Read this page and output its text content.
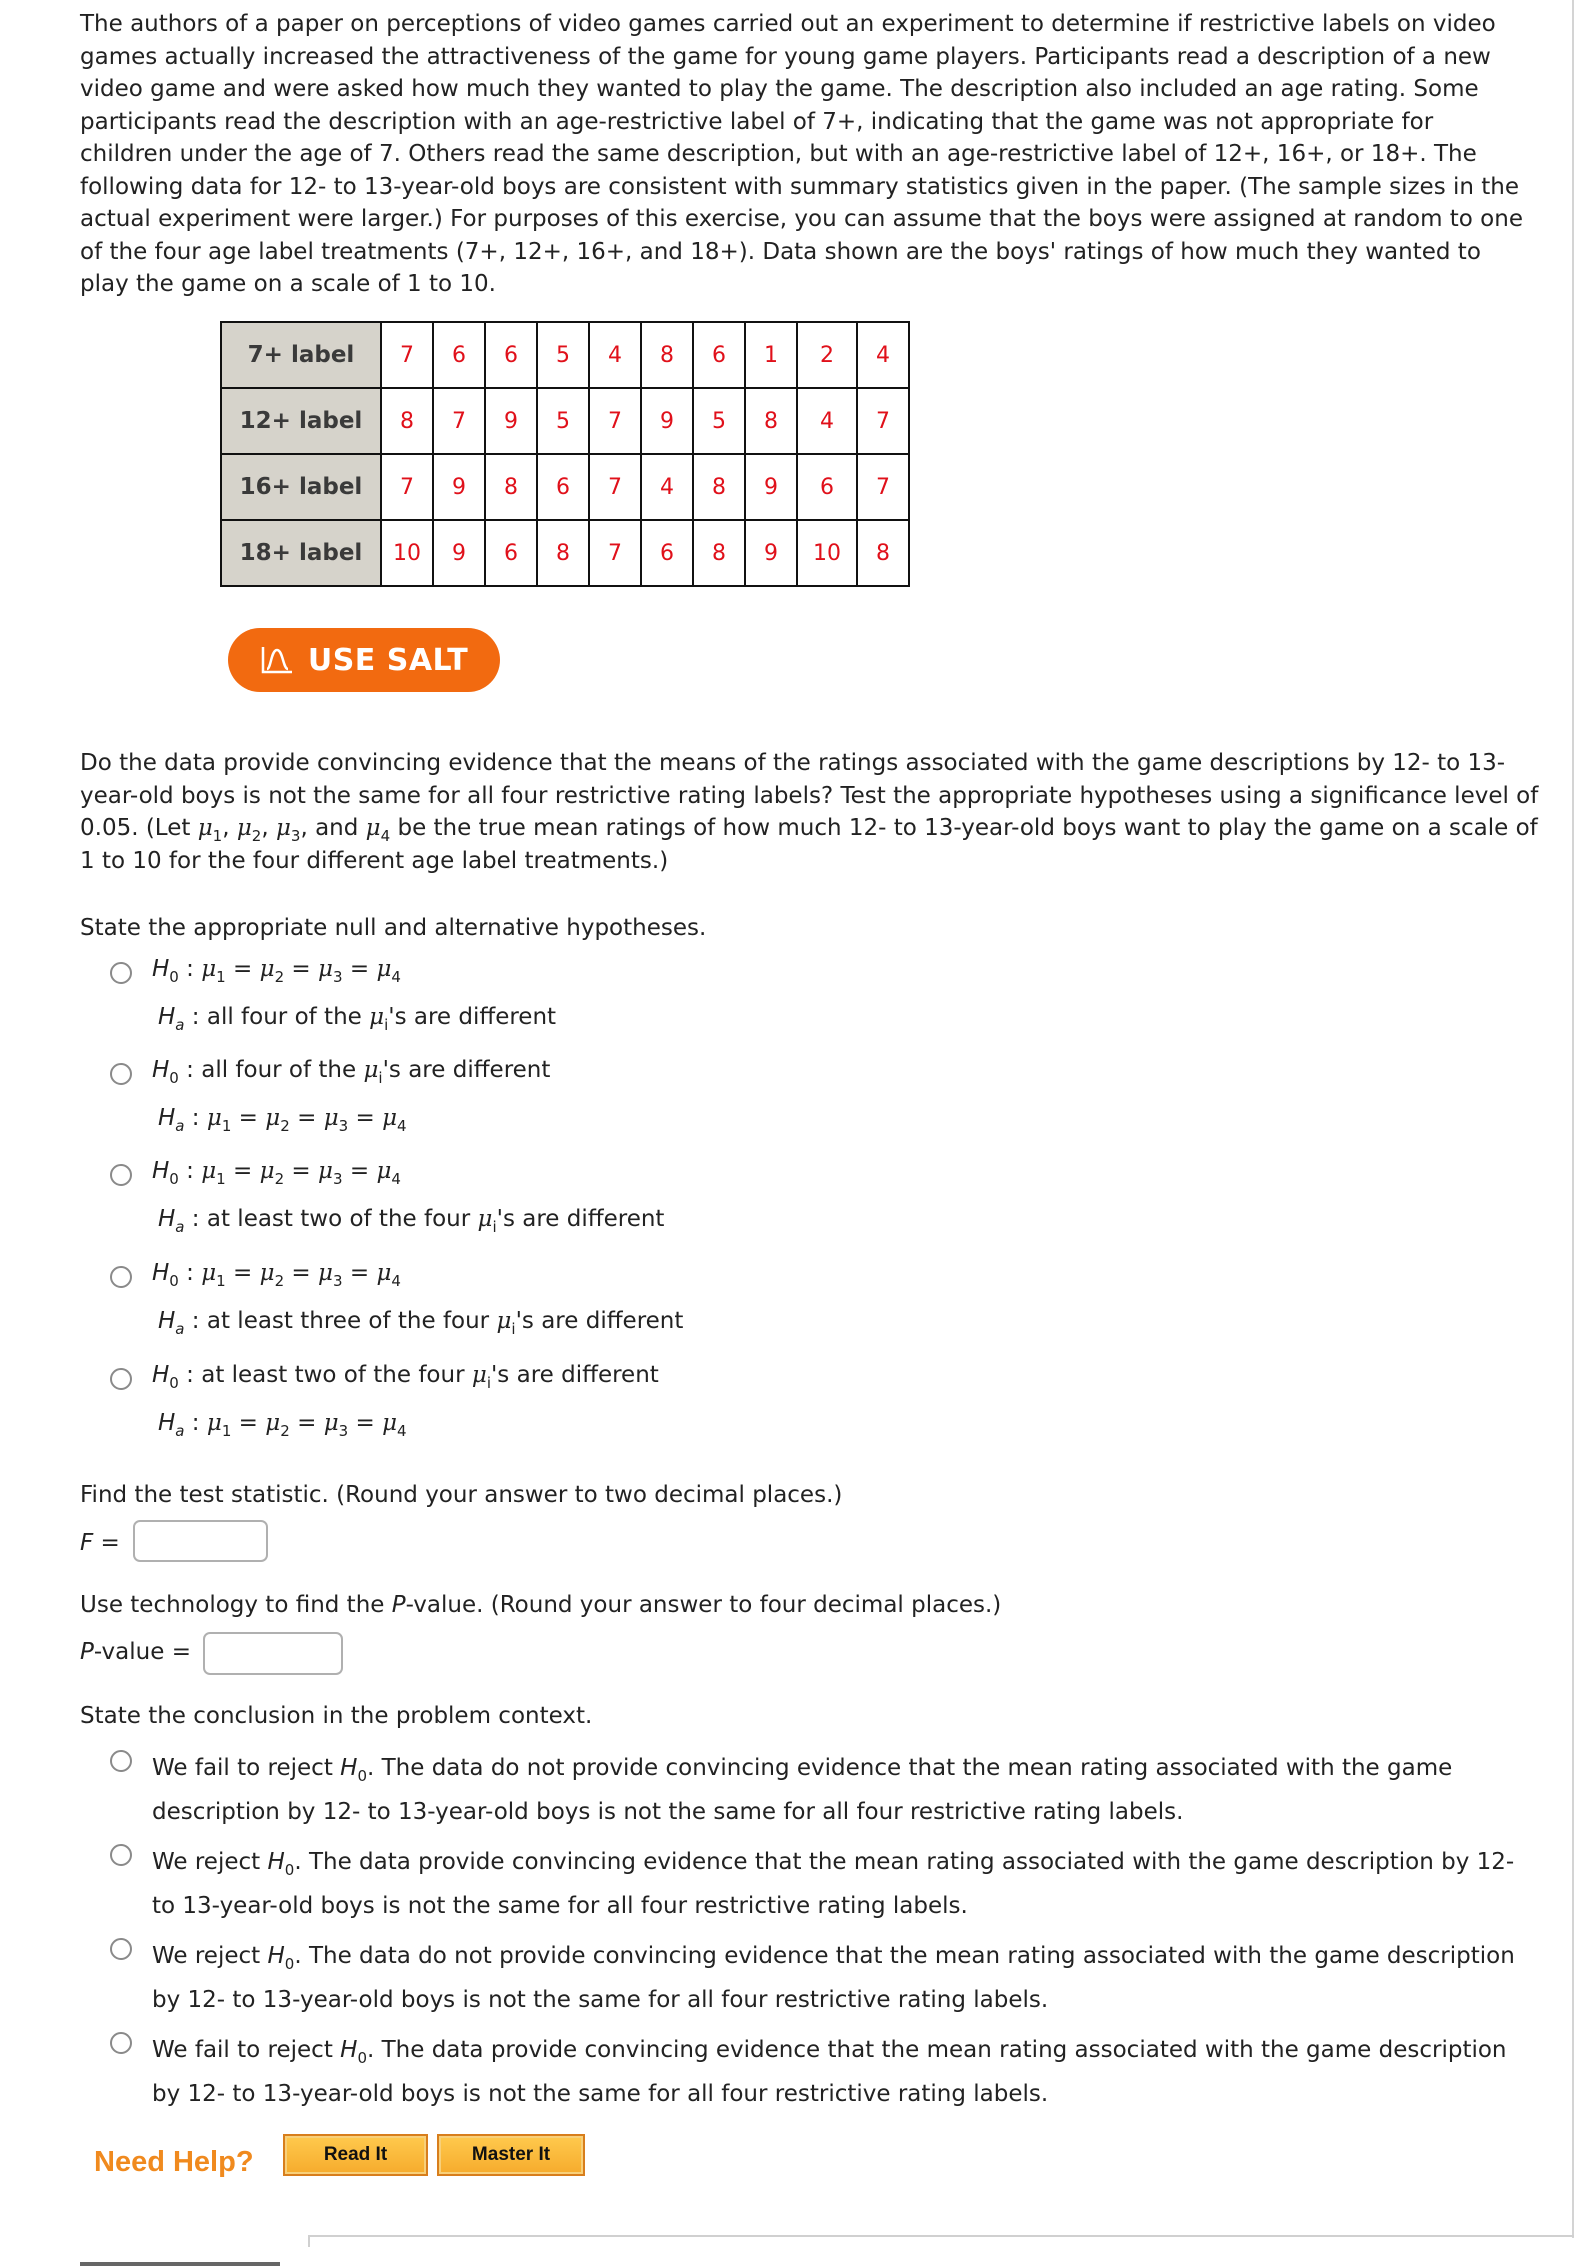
The authors of a paper on perceptions of video games carried out an experiment to determine if restrictive labels on video games actually increased the attractiveness of the game for young game players. Participants read a description of a new video game and were asked how much they wanted to play the game. The description also included an age rating. Some participants read the description with an age-restrictive label of 7+, indicating that the game was not appropriate for children under the age of 7. Others read the same description, but with an age-restrictive label of 12+, 16+, or 18+. The following data for 12- to 13-year-old boys are consistent with summary statistics given in the paper. (The sample sizes in the actual experiment were larger.) For purposes of this exercise, you can assume that the boys were assigned at random to one of the four age label treatments (7+, 12+, 16+, and 18+). Data shown are the boys' ratings of how much they wanted to play the game on a scale of 1 to 10.
7+ label	7	6	6	5	4	8	6	1	2	4
12+ label	8	7	9	5	7	9	5	8	4	7
16+ label	7	9	8	6	7	4	8	9	6	7
18+ label	10	9	6	8	7	6	8	9	10	8
USE SALT
Do the data provide convincing evidence that the means of the ratings associated with the game descriptions by 12- to 13-year-old boys is not the same for all four restrictive rating labels? Test the appropriate hypotheses using a significance level of 0.05. (Let $\mu_1$, $\mu_2$, $\mu_3$, and $\mu_4$ be the true mean ratings of how much 12- to 13-year-old boys want to play the game on a scale of 1 to 10 for the four different age label treatments.)
State the appropriate null and alternative hypotheses.
$H_0$ : $\mu_1 = \mu_2 = \mu_3 = \mu_4$
$H_a$ : all four of the $\mu_i's$ are different
$H_0$ : all four of the $\mu_i's$ are different
$H_a$ : $\mu_1 = \mu_2 = \mu_3 = \mu_4$
$H_0$ : $\mu_1 = \mu_2 = \mu_3 = \mu_4$
$H_a$ : at least two of the four $\mu_i's$ are different
$H_0$ : $\mu_1 = \mu_2 = \mu_3 = \mu_4$
$H_a$ : at least three of the four $\mu_i's$ are different
$H_0$ : at least two of the four $\mu_i's$ are different
$H_a$ : $\mu_1 = \mu_2 = \mu_3 = \mu_4$
Find the test statistic. (Round your answer to two decimal places.)
F =
Use technology to find the P-value. (Round your answer to four decimal places.)
P-value =
State the conclusion in the problem context.
We fail to reject $H_0$. The data do not provide convincing evidence that the mean rating associated with the game
description by 12- to 13-year-old boys is not the same for all four restrictive rating labels.
We reject $H_0$. The data provide convincing evidence that the mean rating associated with the game description by 12-
to 13-year-old boys is not the same for all four restrictive rating labels.
We reject $H_0$. The data do not provide convincing evidence that the mean rating associated with the game description
by 12- to 13-year-old boys is not the same for all four restrictive rating labels.
We fail to reject $H_0$. The data provide convincing evidence that the mean rating associated with the game description
by 12- to 13-year-old boys is not the same for all four restrictive rating labels.
Need Help?	Read It	Master It
